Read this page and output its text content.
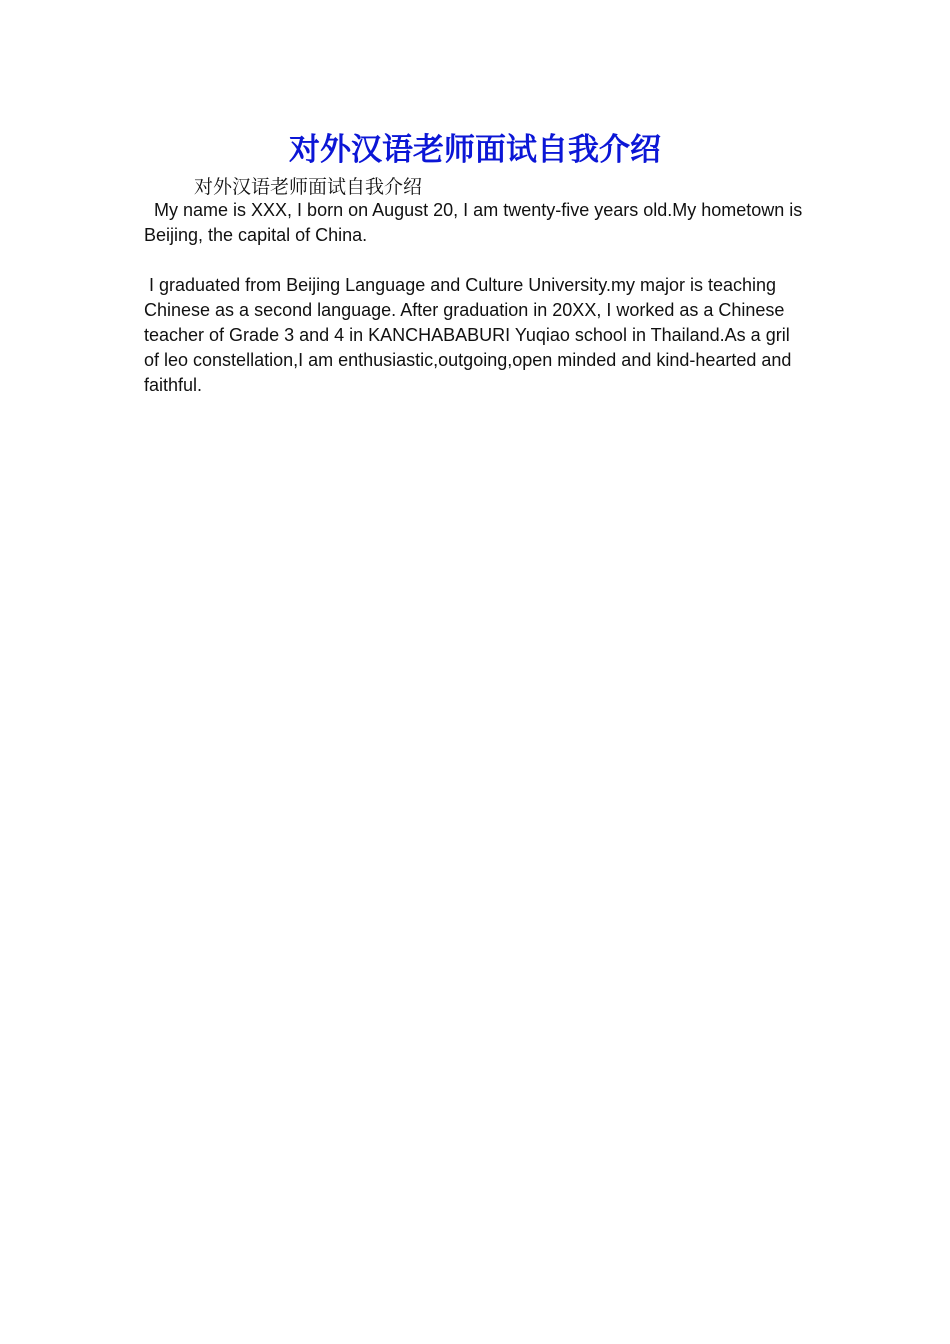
对外汉语老师面试自我介绍
对外汉语老师面试自我介绍
My name is XXX, I born on August 20, I am twenty-five years old.My hometown is Beijing, the capital of China.
I graduated from Beijing Language and Culture University.my major is teaching Chinese as a second language. After graduation in 20XX, I worked as a Chinese teacher of Grade 3 and 4 in KANCHABABURI Yuqiao school in Thailand.As a gril of leo constellation,I am enthusiastic,outgoing,open minded and kind-hearted and faithful.
